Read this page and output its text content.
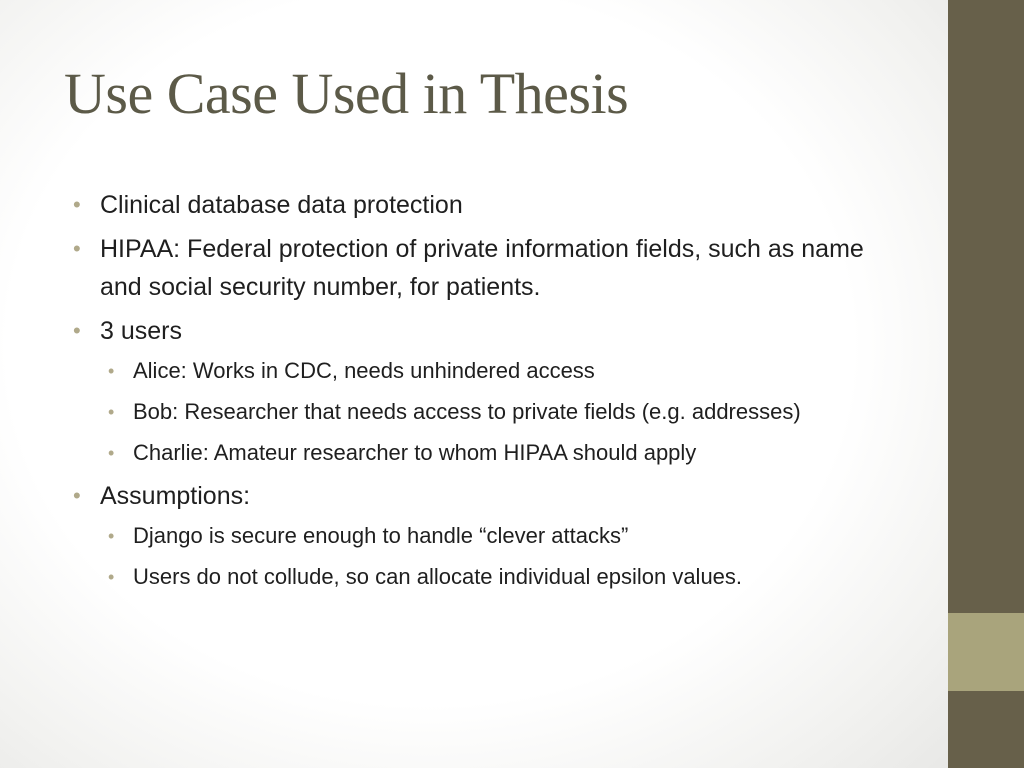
Use Case Used in Thesis
• Clinical database data protection
• HIPAA: Federal protection of private information fields, such as name and social security number, for patients.
• 3 users
• Alice: Works in CDC, needs unhindered access
• Bob: Researcher that needs access to private fields (e.g. addresses)
• Charlie: Amateur researcher to whom HIPAA should apply
• Assumptions:
• Django is secure enough to handle “clever attacks”
• Users do not collude, so can allocate individual epsilon values.
